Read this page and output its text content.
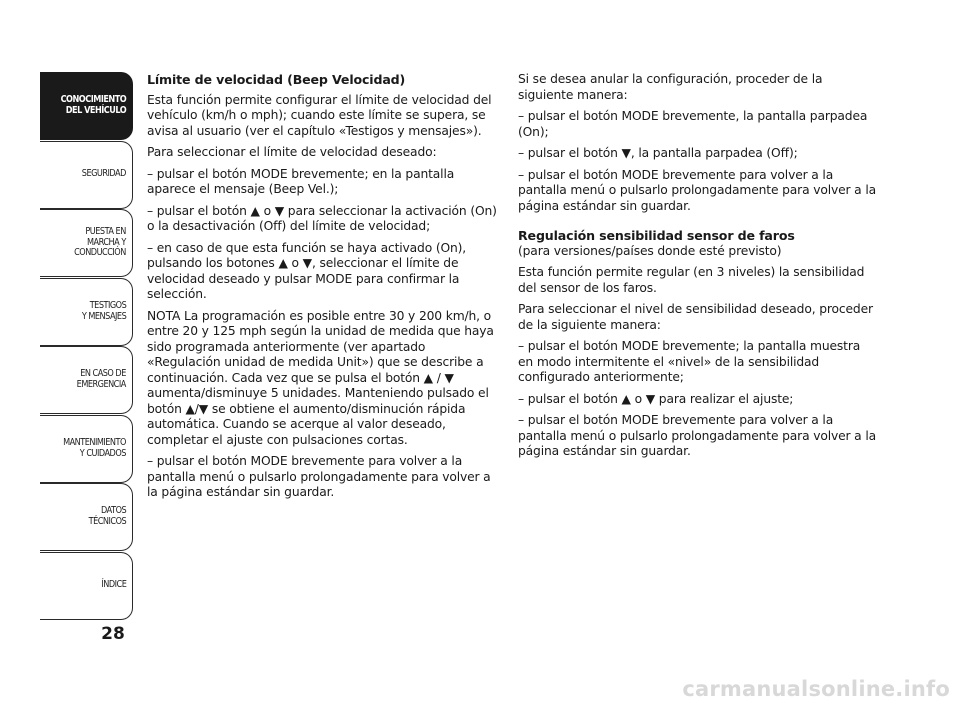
CONOCIMIENTO
DEL VEHÍCULO
SEGURIDAD
PUESTA EN
MARCHA Y
CONDUCCIÓN
TESTIGOS
Y MENSAJES
EN CASO DE
EMERGENCIA
MANTENIMIENTO
Y CUIDADOS
DATOS
TÉCNICOS
ÍNDICE
28
Límite de velocidad (Beep Velocidad)

Esta función permite configurar el límite de velocidad del vehículo (km/h o mph); cuando este límite se supera, se avisa al usuario (ver el capítulo «Testigos y mensajes»).

Para seleccionar el límite de velocidad deseado:

– pulsar el botón MODE brevemente; en la pantalla aparece el mensaje (Beep Vel.);

– pulsar el botón ▲ o ▼ para seleccionar la activación (On) o la desactivación (Off) del límite de velocidad;

– en caso de que esta función se haya activado (On), pulsando los botones ▲ o ▼, seleccionar el límite de velocidad deseado y pulsar MODE para confirmar la selección.

NOTA La programación es posible entre 30 y 200 km/h, o entre 20 y 125 mph según la unidad de medida que haya sido programada anteriormente (ver apartado «Regulación unidad de medida Unit») que se describe a continuación. Cada vez que se pulsa el botón ▲ / ▼ aumenta/disminuye 5 unidades. Manteniendo pulsado el botón ▲/▼ se obtiene el aumento/disminución rápida automática. Cuando se acerque al valor deseado, completar el ajuste con pulsaciones cortas.

– pulsar el botón MODE brevemente para volver a la pantalla menú o pulsarlo prolongadamente para volver a la página estándar sin guardar.

Si se desea anular la configuración, proceder de la siguiente manera:

– pulsar el botón MODE brevemente, la pantalla parpadea (On);

– pulsar el botón ▼, la pantalla parpadea (Off);

– pulsar el botón MODE brevemente para volver a la pantalla menú o pulsarlo prolongadamente para volver a la página estándar sin guardar.

Regulación sensibilidad sensor de faros

(para versiones/países donde esté previsto)

Esta función permite regular (en 3 niveles) la sensibilidad del sensor de los faros.

Para seleccionar el nivel de sensibilidad deseado, proceder de la siguiente manera:

– pulsar el botón MODE brevemente; la pantalla muestra en modo intermitente el «nivel» de la sensibilidad configurado anteriormente;

– pulsar el botón ▲ o ▼ para realizar el ajuste;

– pulsar el botón MODE brevemente para volver a la pantalla menú o pulsarlo prolongadamente para volver a la página estándar sin guardar.

carmanualsonline.info
